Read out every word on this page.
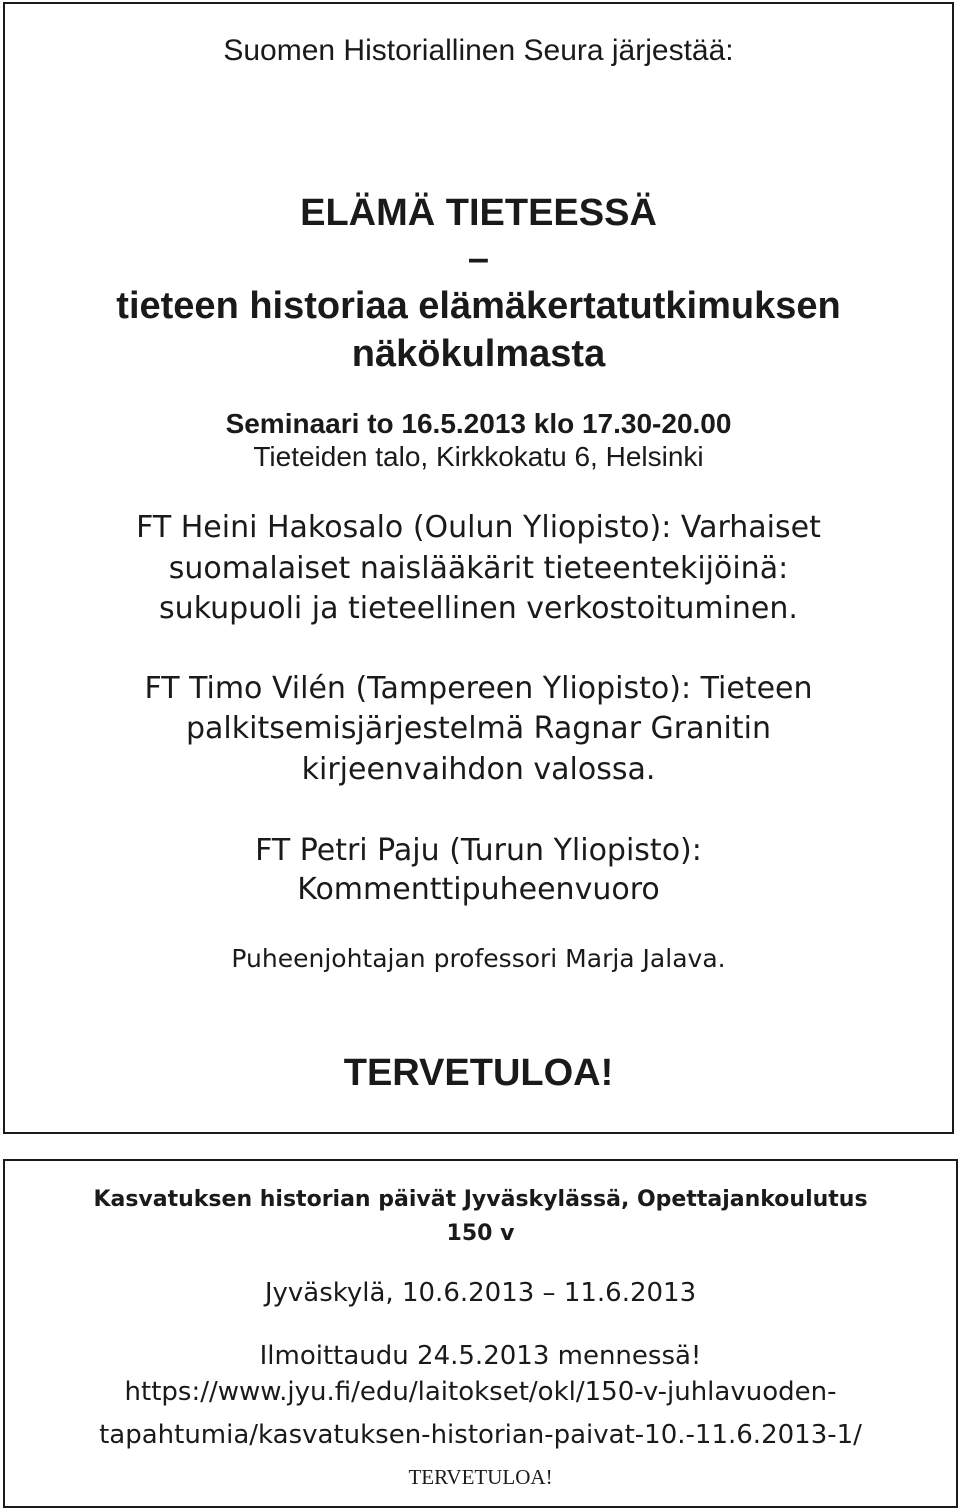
Suomen Historiallinen Seura järjestää:

ELÄMÄ TIETEESSÄ

–

tieteen historiaa elämäkertatutkimuksen

näkökulmasta

Seminaari to 16.5.2013 klo 17.30-20.00

Tieteiden talo, Kirkkokatu 6, Helsinki

FT Heini Hakosalo (Oulun Yliopisto): Varhaiset

suomalaiset naislääkärit tieteentekijöinä:

sukupuoli ja tieteellinen verkostoituminen.

FT Timo Vilén (Tampereen Yliopisto): Tieteen

palkitsemisjärjestelmä Ragnar Granitin

kirjeenvaihdon valossa.

FT Petri Paju (Turun Yliopisto):

Kommenttipuheenvuoro

Puheenjohtajan professori Marja Jalava.

TERVETULOA!

Kasvatuksen historian päivät Jyväskylässä, Opettajankoulutus

150 v

Jyväskylä, 10.6.2013 – 11.6.2013

Ilmoittaudu 24.5.2013 mennessä!

https://www.jyu.fi/edu/laitokset/okl/150-v-juhlavuoden-

tapahtumia/kasvatuksen-historian-paivat-10.-11.6.2013-1/

TERVETULOA!
